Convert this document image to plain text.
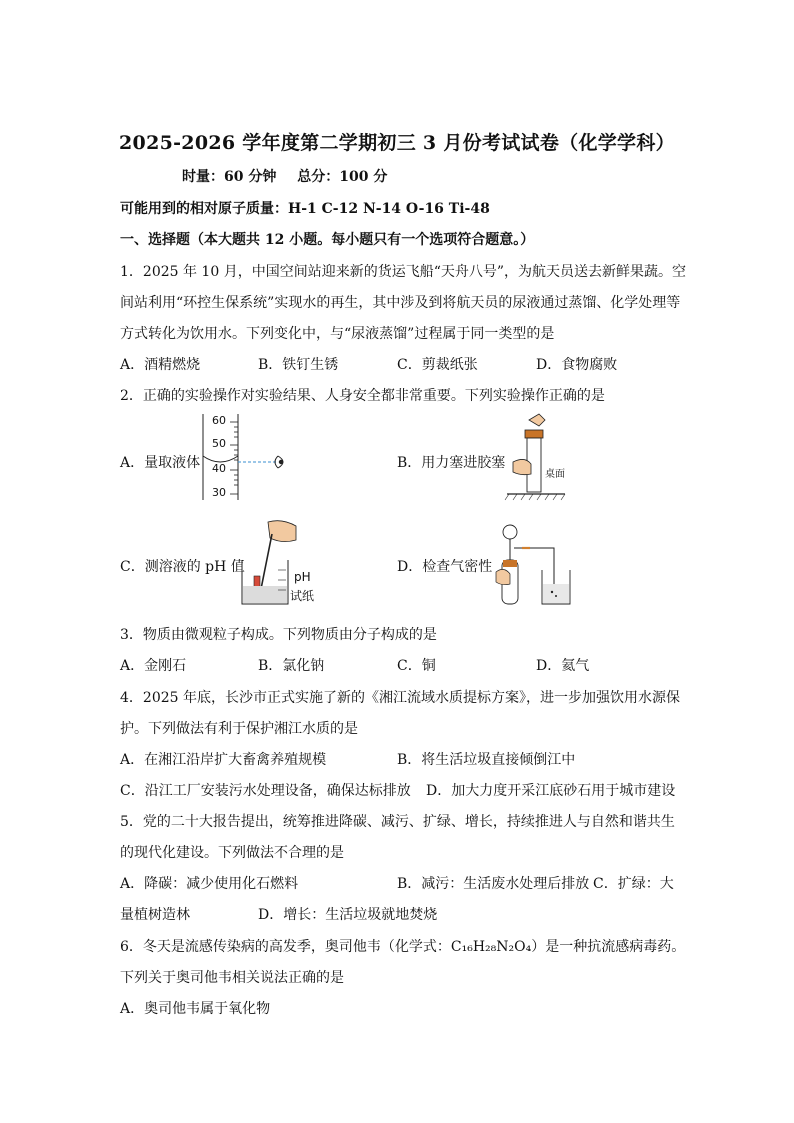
2025-2026 学年度第二学期初三 3 月份考试试卷（化学学科）
时量：60 分钟 总分：100 分
可能用到的相对原子质量：H-1 C-12 N-14 O-16 Ti-48
一、选择题（本大题共 12 小题。每小题只有一个选项符合题意。）
1．2025 年 10 月，中国空间站迎来新的货运飞船“天舟八号”，为航天员送去新鲜果蔬。空
间站利用“环控生保系统”实现水的再生，其中涉及到将航天员的尿液通过蒸馏、化学处理等
方式转化为饮用水。下列变化中，与“尿液蒸馏”过程属于同一类型的是
A．酒精燃烧	B．铁钉生锈	C．剪裁纸张	D．食物腐败
2．正确的实验操作对实验结果、人身安全都非常重要。下列实验操作正确的是
A．量取液体
60
50
40
30
B．用力塞进胶塞
桌面
C．测溶液的 pH 值
pH
试纸
D．检查气密性
3．物质由微观粒子构成。下列物质由分子构成的是
A．金刚石	B．氯化钠	C．铜	D．氦气
4．2025 年底，长沙市正式实施了新的《湘江流域水质提标方案》，进一步加强饮用水源保
护。下列做法有利于保护湘江水质的是
A．在湘江沿岸扩大畜禽养殖规模	B．将生活垃圾直接倾倒江中
C．沿江工厂安装污水处理设备，确保达标排放 D．加大力度开采江底砂石用于城市建设
5．党的二十大报告提出，统筹推进降碳、减污、扩绿、增长，持续推进人与自然和谐共生
的现代化建设。下列做法不合理的是
A．降碳：减少使用化石燃料	B．减污：生活废水处理后排放 C．扩绿：大
量植树造林	D．增长：生活垃圾就地焚烧
6．冬天是流感传染病的高发季，奥司他韦（化学式：C₁₆H₂₈N₂O₄）是一种抗流感病毒药。
下列关于奥司他韦相关说法正确的是
A．奥司他韦属于氧化物
